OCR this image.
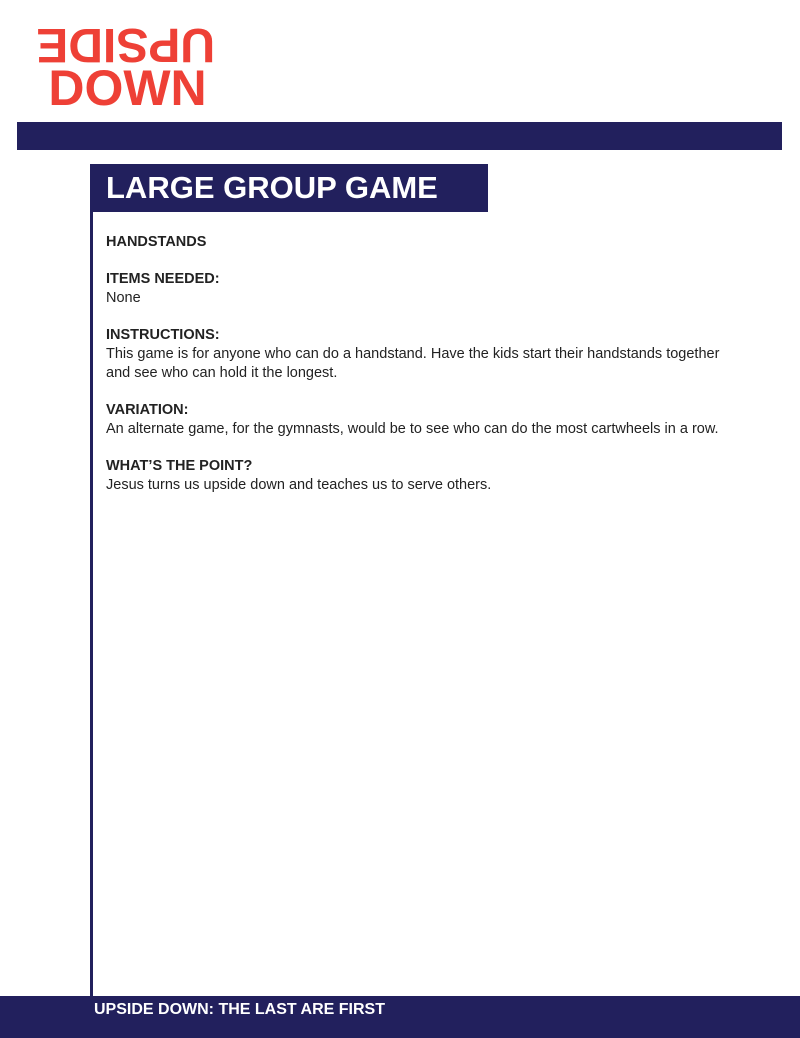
UPSIDE
DOWN
LARGE GROUP GAME

HANDSTANDS

ITEMS NEEDED:

None

INSTRUCTIONS:

This game is for anyone who can do a handstand. Have the kids start their handstands together and see who can hold it the longest.

VARIATION:

An alternate game, for the gymnasts, would be to see who can do the most cartwheels in a row.

WHAT’S THE POINT?

Jesus turns us upside down and teaches us to serve others.

UPSIDE DOWN: THE LAST ARE FIRST
